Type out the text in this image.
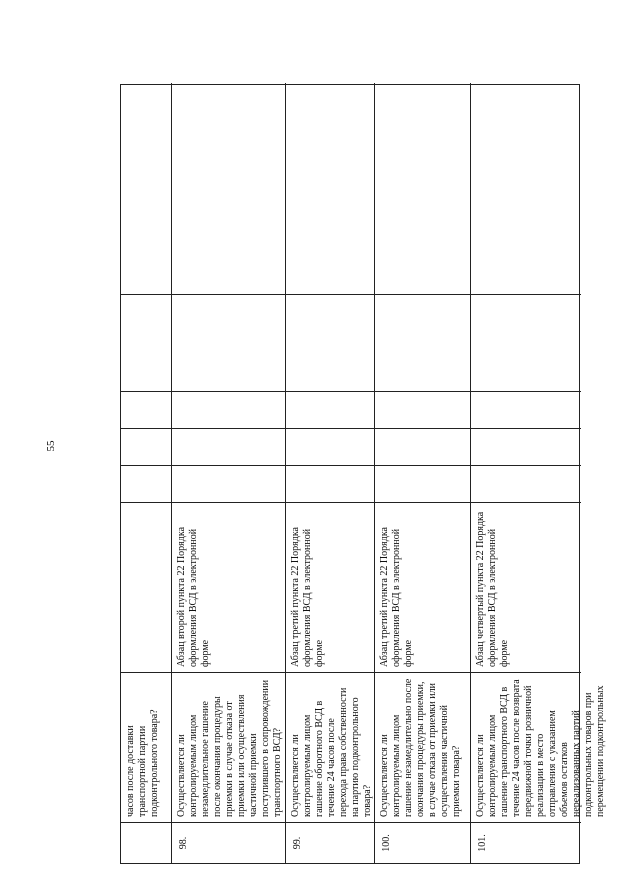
55
часов после доставки транспортной партии подконтрольного товара?
98.
Осуществляется ли контролируемым лицом незамедлительное гашение после окончания процедуры приемки в случае отказа от приемки или осуществления частичной приемки поступившего в сопровождении транспортного ВСД?
Абзац второй пункта 22 Порядка оформления ВСД в электронной форме
99.
Осуществляется ли контролируемым лицом гашение оборотного ВСД в течение 24 часов после перехода права собственности на партию подконтрольного товара?
Абзац третий пункта 22 Порядка оформления ВСД в электронной форме
100.
Осуществляется ли контролируемым лицом гашение незамедлительно после окончания процедуры приемки, в случае отказа от приемки или осуществления частичной приемки товара?
Абзац третий пункта 22 Порядка оформления ВСД в электронной форме
101.
Осуществляется ли контролируемым лицом гашение транспортного ВСД в течение 24 часов после возврата передвижной точки розничной реализации в место отправления с указанием объемов остатков нереализованных партий подконтрольных товаров при перемещении подконтрольных
Абзац четвертый пункта 22 Порядка оформления ВСД в электронной форме
